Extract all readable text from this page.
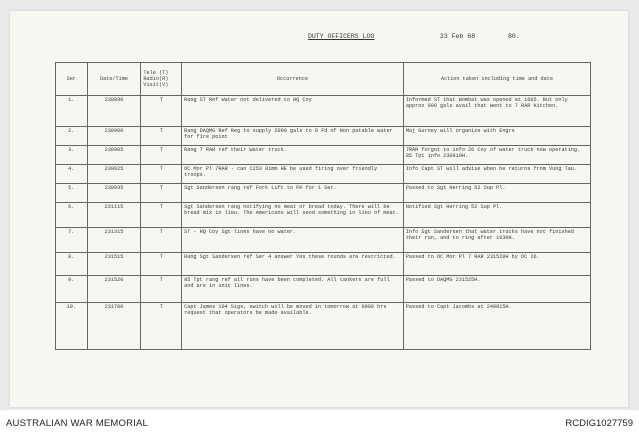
DUTY OFFICERS LOG	23 Feb 68	80.
Ser	Date/Time	Tele (T)
Radio(R)
Visit(V)	Occurrence	Action taken including time and date
1.	230830	T	Rang ST Ref Water not delivered to HQ Coy	Informed ST that Wombat was opened at 1605. But only approx 900 gals avail that went to 7 RAR Kitchen.
2.	230900	T	Rang DAQMG Ref Reg to supply 2000 gals to 8 Fd of Non patable water for fire point	Maj Gurney will organize with Engrs
3.	230905	T	Rang 7 RAR ref their Water truck.	7RAR forgot to info 26 Coy of water truck now operating. 85 Tpt info 230910H.
4.	230925	T	OC Mor Pl 7RAR - can C253 81mm HE be used firing over friendly troops.	Info Capt ST will advise when he returns from Vung Tau.
5.	230935	T	Sgt Sandersen rang ref Fork Lift to FK for 1 Ser.	Passed to Sgt Herring 52 Sup Pl.
6.	231115	T	Sgt Sandersen rang notifying no meat or bread today. There will be bread mix in lieu. The Americans will send something in lieu of meat.	Notified Sgt Herring 52 Sup Pl.
7.	231315	T	ST - HQ Coy Sgt lines have no water.	Info Sgt Sandersen that water trucks have not finished their run, and to ring after 1630H.
8.	231515	T	Rang Sgt Sandersen ref Ser 4 answer Yes these rounds are restricted.	Passed to OC Mor Pl 7 RAR 231520H by OC 26.
9.	231520	T	85 Tpt rang ref all runs have been completed. All tankers are full and are in unit lines.	Passed to DAQMG 231525H.
10.	231700	T	Capt James 104 Sigs, switch will be moved in tomorrow at 0900 hrs request that operators be made available.	Passed to Capt Jacombs at 240815H.
AUSTRALIAN WAR MEMORIAL	RCDIG1027759
